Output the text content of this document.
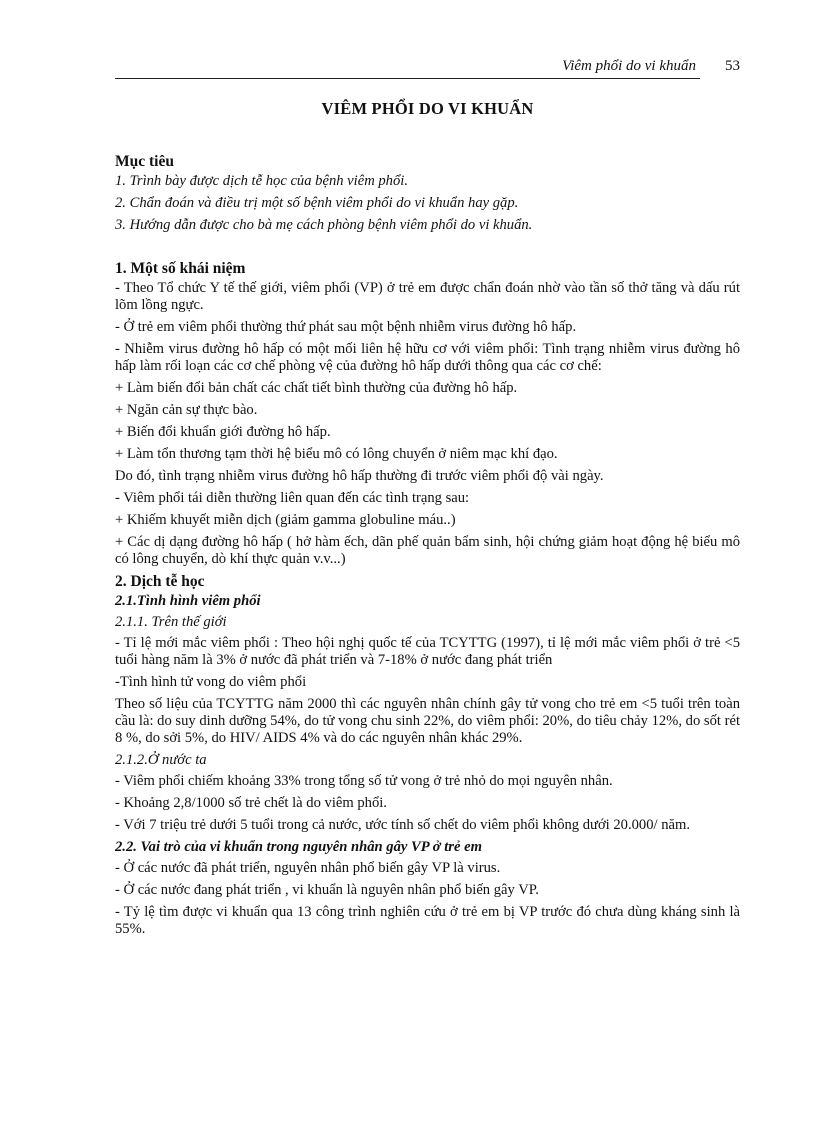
Viêm phổi do vi khuẩn 53
VIÊM PHỔI DO VI KHUẨN
Mục tiêu
1. Trình bày được dịch tễ học của bệnh viêm phổi.
2. Chẩn đoán và điều trị một số bệnh viêm phổi do vi khuẩn hay gặp.
3. Hướng dẫn được cho bà mẹ cách phòng bệnh viêm phổi do vi khuẩn.
1. Một số khái niệm
- Theo Tổ chức Y tế thế giới, viêm phổi (VP) ở trẻ em được chẩn đoán nhờ vào tần số thở tăng và dấu rút lõm lồng ngực.
- Ở trẻ em viêm phổi thường thứ phát sau một bệnh nhiễm virus đường hô hấp.
- Nhiễm virus đường hô hấp có một mối liên hệ hữu cơ với viêm phổi: Tình trạng nhiễm virus đường hô hấp làm rối loạn các cơ chế phòng vệ của đường hô hấp dưới thông qua các cơ chế:
+ Làm biến đổi bản chất các chất tiết bình thường của đường hô hấp.
+ Ngăn cản sự thực bào.
+ Biến đổi khuẩn giới đường hô hấp.
+ Làm tổn thương tạm thời hệ biểu mô có lông chuyển ở niêm mạc khí đạo.
Do đó, tình trạng nhiễm virus đường hô hấp thường đi trước viêm phổi độ vài ngày.
- Viêm phổi tái diễn thường liên quan đến các tình trạng sau:
+ Khiếm khuyết miễn dịch (giảm gamma globuline máu..)
+ Các dị dạng đường hô hấp ( hở hàm ếch, dãn phế quản bẩm sinh, hội chứng giảm hoạt động hệ biểu mô có lông chuyển, dò khí thực quản v.v...)
2. Dịch tễ học
2.1.Tình hình viêm phổi
2.1.1. Trên thế giới
- Tỉ lệ mới mắc viêm phổi : Theo hội nghị quốc tế của TCYTTG (1997), tỉ lệ mới mắc viêm phổi ở trẻ <5 tuổi hàng năm là 3% ở nước đã phát triển và 7-18% ở nước đang phát triển
-Tình hình tử vong do viêm phổi
Theo số liệu của TCYTTG năm 2000 thì các nguyên nhân chính gây tử vong cho trẻ em <5 tuổi trên toàn cầu là: do suy dinh dưỡng 54%, do tử vong chu sinh 22%, do viêm phổi: 20%, do tiêu chảy 12%, do sốt rét 8 %, do sởi 5%, do HIV/ AIDS 4% và do các nguyên nhân khác 29%.
2.1.2.Ở nước ta
- Viêm phổi chiếm khoảng 33% trong tổng số tử vong ở trẻ nhỏ do mọi nguyên nhân.
- Khoảng 2,8/1000 số trẻ chết là do viêm phổi.
- Với 7 triệu trẻ dưới 5 tuổi trong cả nước, ước tính số chết do viêm phổi không dưới 20.000/ năm.
2.2. Vai trò của vi khuẩn trong nguyên nhân gây VP ở trẻ em
- Ở các nước đã phát triển, nguyên nhân phổ biến gây VP là virus.
- Ở các nước đang phát triển , vi khuẩn là nguyên nhân phổ biến gây VP.
- Tỷ lệ tìm được vi khuẩn qua 13 công trình nghiên cứu ở trẻ em bị VP trước đó chưa dùng kháng sinh là 55%.
